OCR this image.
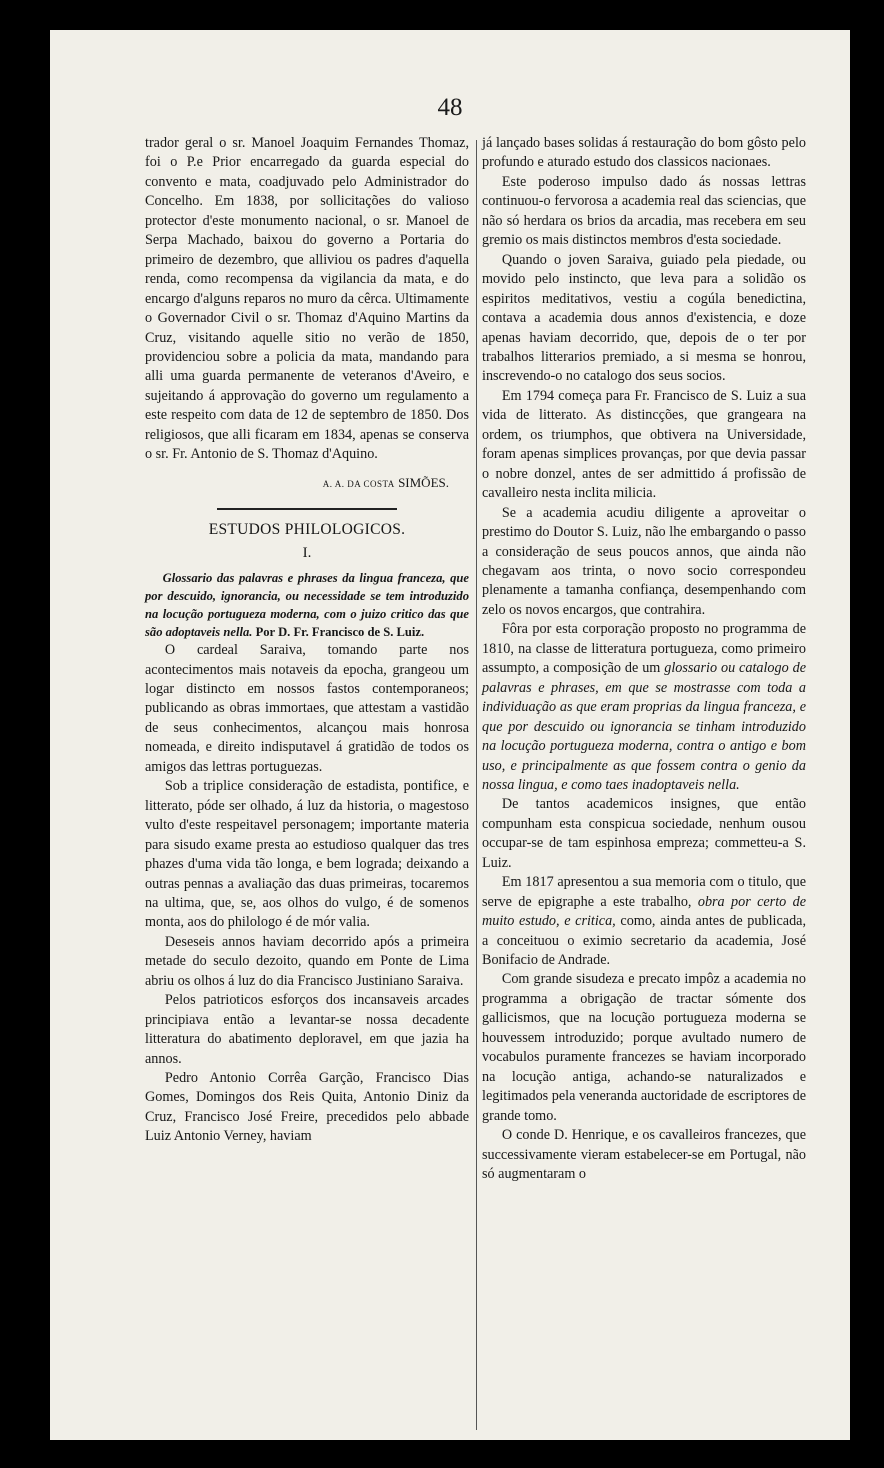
48

trador geral o sr. Manoel Joaquim Fernandes Thomaz, foi o P.e Prior encarregado da guarda especial do convento e mata, coadjuvado pelo Administrador do Concelho. Em 1838, por sollicitações do valioso protector d'este monumento nacional, o sr. Manoel de Serpa Machado, baixou do governo a Portaria do primeiro de dezembro, que alliviou os padres d'aquella renda, como recompensa da vigilancia da mata, e do encargo d'alguns reparos no muro da cêrca. Ultimamente o Governador Civil o sr. Thomaz d'Aquino Martins da Cruz, visitando aquelle sitio no verão de 1850, providenciou sobre a policia da mata, mandando para alli uma guarda permanente de veteranos d'Aveiro, e sujeitando á approvação do governo um regulamento a este respeito com data de 12 de septembro de 1850. Dos religiosos, que alli ficaram em 1834, apenas se conserva o sr. Fr. Antonio de S. Thomaz d'Aquino.

A. A. DA COSTA SIMÕES.
ESTUDOS PHILOLOGICOS.
I.

Glossario das palavras e phrases da lingua franceza, que por descuido, ignorancia, ou necessidade se tem introduzido na locução portugueza moderna, com o juizo critico das que são adoptaveis nella. Por D. Fr. Francisco de S. Luiz.

O cardeal Saraiva, tomando parte nos acontecimentos mais notaveis da epocha, grangeou um logar distincto em nossos fastos contemporaneos; publicando as obras immortaes, que attestam a vastidão de seus conhecimentos, alcançou mais honrosa nomeada, e direito indisputavel á gratidão de todos os amigos das lettras portuguezas.

Sob a triplice consideração de estadista, pontifice, e litterato, póde ser olhado, á luz da historia, o magestoso vulto d'este respeitavel personagem; importante materia para sisudo exame presta ao estudioso qualquer das tres phazes d'uma vida tão longa, e bem lograda; deixando a outras pennas a avaliação das duas primeiras, tocaremos na ultima, que, se, aos olhos do vulgo, é de somenos monta, aos do philologo é de mór valia.

Deseseis annos haviam decorrido após a primeira metade do seculo dezoito, quando em Ponte de Lima abriu os olhos á luz do dia Francisco Justiniano Saraiva.

Pelos patrioticos esforços dos incansaveis arcades principiava então a levantar-se nossa decadente litteratura do abatimento deploravel, em que jazia ha annos.

Pedro Antonio Corrêa Garção, Francisco Dias Gomes, Domingos dos Reis Quita, Antonio Diniz da Cruz, Francisco José Freire, precedidos pelo abbade Luiz Antonio Verney, haviam

já lançado bases solidas á restauração do bom gôsto pelo profundo e aturado estudo dos classicos nacionaes.

Este poderoso impulso dado ás nossas lettras continuou-o fervorosa a academia real das sciencias, que não só herdara os brios da arcadia, mas recebera em seu gremio os mais distinctos membros d'esta sociedade.

Quando o joven Saraiva, guiado pela piedade, ou movido pelo instincto, que leva para a solidão os espiritos meditativos, vestiu a cogúla benedictina, contava a academia dous annos d'existencia, e doze apenas haviam decorrido, que, depois de o ter por trabalhos litterarios premiado, a si mesma se honrou, inscrevendo-o no catalogo dos seus socios.

Em 1794 começa para Fr. Francisco de S. Luiz a sua vida de litterato. As distincções, que grangeara na ordem, os triumphos, que obtivera na Universidade, foram apenas simplices provanças, por que devia passar o nobre donzel, antes de ser admittido á profissão de cavalleiro nesta inclita milicia.

Se a academia acudiu diligente a aproveitar o prestimo do Doutor S. Luiz, não lhe embargando o passo a consideração de seus poucos annos, que ainda não chegavam aos trinta, o novo socio correspondeu plenamente a tamanha confiança, desempenhando com zelo os novos encargos, que contrahira.

Fôra por esta corporação proposto no programma de 1810, na classe de litteratura portugueza, como primeiro assumpto, a composição de um glossario ou catalogo de palavras e phrases, em que se mostrasse com toda a individuação as que eram proprias da lingua franceza, e que por descuido ou ignorancia se tinham introduzido na locução portugueza moderna, contra o antigo e bom uso, e principalmente as que fossem contra o genio da nossa lingua, e como taes inadoptaveis nella.

De tantos academicos insignes, que então compunham esta conspicua sociedade, nenhum ousou occupar-se de tam espinhosa empreza; commetteu-a S. Luiz.

Em 1817 apresentou a sua memoria com o titulo, que serve de epigraphe a este trabalho, obra por certo de muito estudo, e critica, como, ainda antes de publicada, a conceituou o eximio secretario da academia, José Bonifacio de Andrade.

Com grande sisudeza e precato impôz a academia no programma a obrigação de tractar sómente dos gallicismos, que na locução portugueza moderna se houvessem introduzido; porque avultado numero de vocabulos puramente francezes se haviam incorporado na locução antiga, achando-se naturalizados e legitimados pela veneranda auctoridade de escriptores de grande tomo.

O conde D. Henrique, e os cavalleiros francezes, que successivamente vieram estabelecer-se em Portugal, não só augmentaram o
